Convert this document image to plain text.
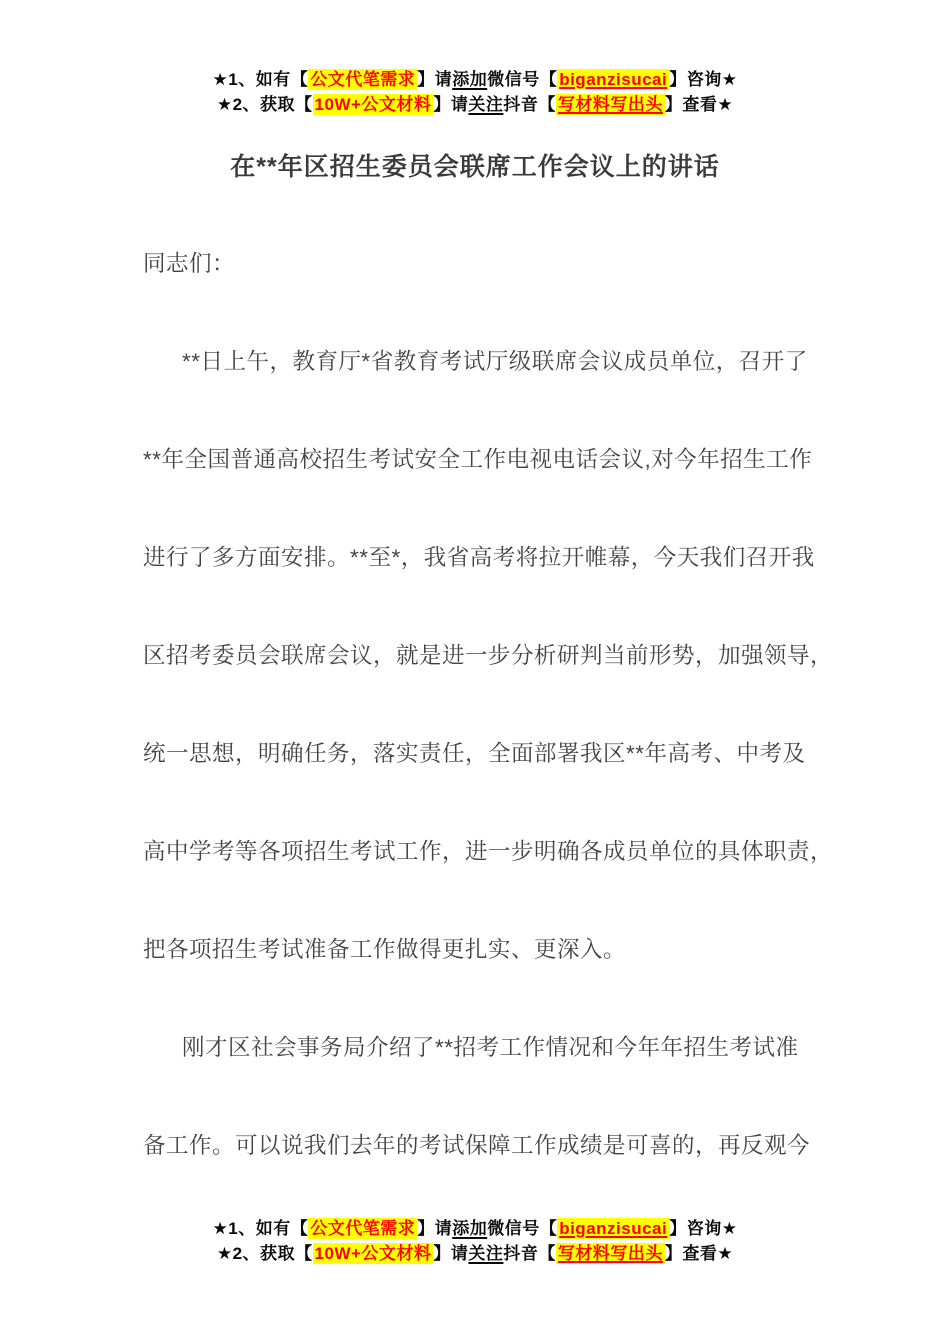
★1、如有【 公文代笔需求 】请添加微信号【 biganzisucai 】咨询★
★2、获取【 10W+公文材料 】请关注抖音【 写材料写出头 】查看★
在**年区招生委员会联席工作会议上的讲话
同志们：
**日上午，教育厅*省教育考试厅级联席会议成员单位，召开了
**年全国普通高校招生考试安全工作电视电话会议,对今年招生工作
进行了多方面安排。**至*，我省高考将拉开帷幕，今天我们召开我
区招考委员会联席会议，就是进一步分析研判当前形势，加强领导，
统一思想，明确任务，落实责任，全面部署我区**年高考、中考及
高中学考等各项招生考试工作，进一步明确各成员单位的具体职责，
把各项招生考试准备工作做得更扎实、更深入。
刚才区社会事务局介绍了**招考工作情况和今年年招生考试准
备工作。可以说我们去年的考试保障工作成绩是可喜的，再反观今
★1、如有【 公文代笔需求 】请添加微信号【 biganzisucai 】咨询★
★2、获取【 10W+公文材料 】请关注抖音【 写材料写出头 】查看★
